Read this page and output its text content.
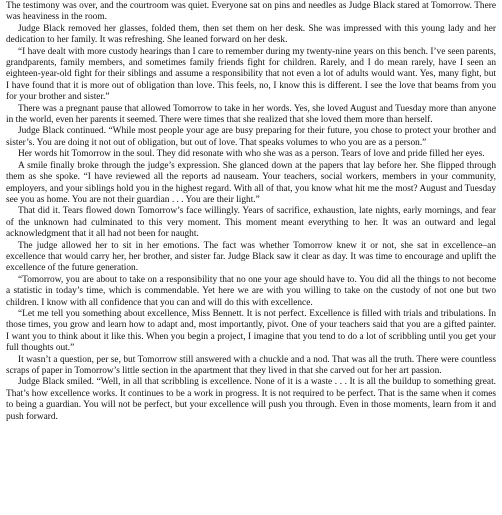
The testimony was over, and the courtroom was quiet. Everyone sat on pins and needles as Judge Black stared at Tomorrow. There was heaviness in the room.

Judge Black removed her glasses, folded them, then set them on her desk. She was impressed with this young lady and her dedication to her family. It was refreshing. She leaned forward on her desk.

“I have dealt with more custody hearings than I care to remember during my twenty-nine years on this bench. I’ve seen parents, grandparents, family members, and sometimes family friends fight for children. Rarely, and I do mean rarely, have I seen an eighteen-year-old fight for their siblings and assume a responsibility that not even a lot of adults would want. Yes, many fight, but I have found that it is more out of obligation than love. This feels, no, I know this is different. I see the love that beams from you for your brother and sister.”

There was a pregnant pause that allowed Tomorrow to take in her words. Yes, she loved August and Tuesday more than anyone in the world, even her parents it seemed. There were times that she realized that she loved them more than herself.

Judge Black continued. “While most people your age are busy preparing for their future, you chose to protect your brother and sister’s. You are doing it not out of obligation, but out of love. That speaks volumes to who you are as a person.”

Her words hit Tomorrow in the soul. They did resonate with who she was as a person. Tears of love and pride filled her eyes.

A smile finally broke through the judge’s expression. She glanced down at the papers that lay before her. She flipped through them as she spoke. “I have reviewed all the reports ad nauseam. Your teachers, social workers, members in your community, employers, and your siblings hold you in the highest regard. With all of that, you know what hit me the most? August and Tuesday see you as home. You are not their guardian . . . You are their light.”

That did it. Tears flowed down Tomorrow’s face willingly. Years of sacrifice, exhaustion, late nights, early mornings, and fear of the unknown had culminated to this very moment. This moment meant everything to her. It was an outward and legal acknowledgment that it all had not been for naught.

The judge allowed her to sit in her emotions. The fact was whether Tomorrow knew it or not, she sat in excellence–an excellence that would carry her, her brother, and sister far. Judge Black saw it clear as day. It was time to encourage and uplift the excellence of the future generation.

“Tomorrow, you are about to take on a responsibility that no one your age should have to. You did all the things to not become a statistic in today’s time, which is commendable. Yet here we are with you willing to take on the custody of not one but two children. I know with all confidence that you can and will do this with excellence.

“Let me tell you something about excellence, Miss Bennett. It is not perfect. Excellence is filled with trials and tribulations. In those times, you grow and learn how to adapt and, most importantly, pivot. One of your teachers said that you are a gifted painter. I want you to think about it like this. When you begin a project, I imagine that you tend to do a lot of scribbling until you get your full thoughts out.”

It wasn’t a question, per se, but Tomorrow still answered with a chuckle and a nod. That was all the truth. There were countless scraps of paper in Tomorrow’s little section in the apartment that they lived in that she carved out for her art passion.

Judge Black smiled. “Well, in all that scribbling is excellence. None of it is a waste . . . It is all the buildup to something great. That’s how excellence works. It continues to be a work in progress. It is not required to be perfect. That is the same when it comes to being a guardian. You will not be perfect, but your excellence will push you through. Even in those moments, learn from it and push forward.
